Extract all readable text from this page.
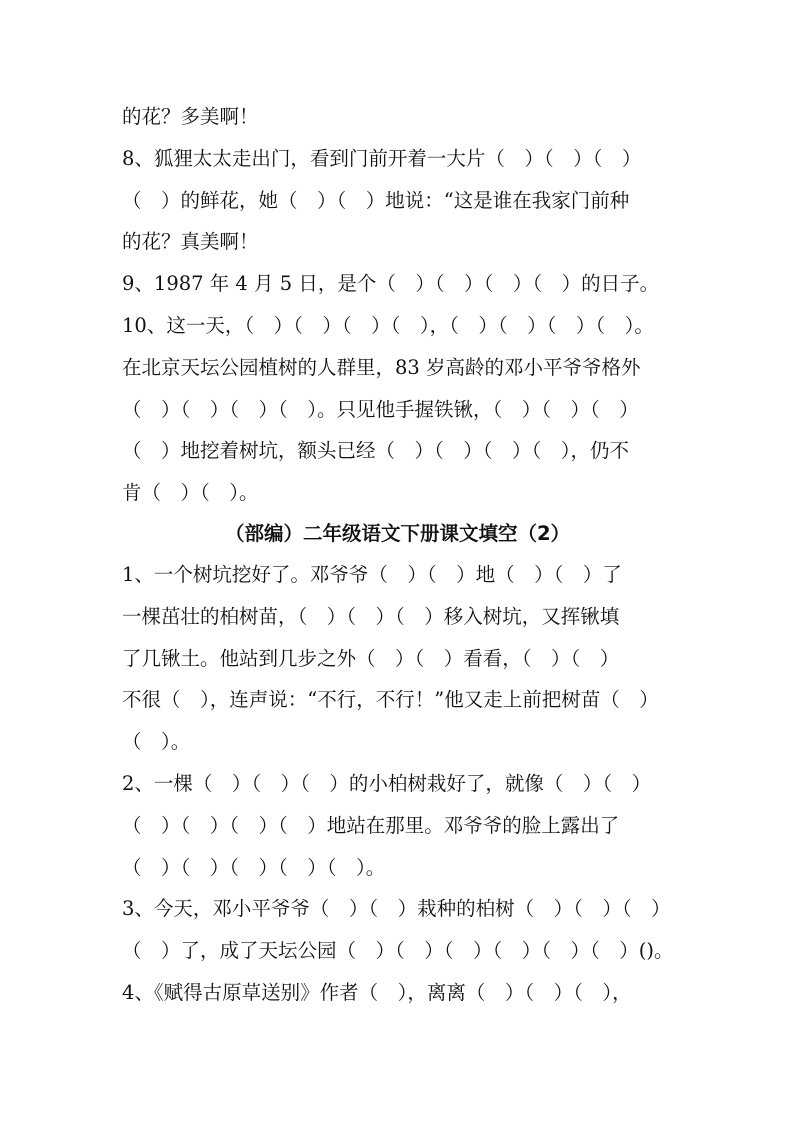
的花？多美啊！
8、狐狸太太走出门，看到门前开着一大片（　）（　）（　）
（　）的鲜花，她（　）（　）地说：“这是谁在我家门前种
的花？真美啊！
9、1987 年 4 月 5 日，是个（　）（　）（　）（　）的日子。
10、这一天，（　）（　）（　）（　），（　）（　）（　）（　）。
在北京天坛公园植树的人群里，83 岁高龄的邓小平爷爷格外
（　）（　）（　）（　）。只见他手握铁锹，（　）（　）（　）
（　）地挖着树坑，额头已经（　）（　）（　）（　），仍不
肯（　）（　）。
（部编）二年级语文下册课文填空（2）
1、一个树坑挖好了。邓爷爷（　）（　）地（　）（　）了
一棵茁壮的柏树苗，（　）（　）（　）移入树坑，又挥锹填
了几锹土。他站到几步之外（　）（　）看看，（　）（　）
不很（　），连声说：“不行，不行！”他又走上前把树苗（　）
（　）。
2、一棵（　）（　）（　）的小柏树栽好了，就像（　）（　）
（　）（　）（　）（　）地站在那里。邓爷爷的脸上露出了
（　）（　）（　）（　）（　）。
3、今天，邓小平爷爷（　）（　）栽种的柏树（　）（　）（　）
（　）了，成了天坛公园（　）（　）（　）（　）（　）（　）()。
4、《赋得古原草送别》作者（　），离离（　）（　）（　），
